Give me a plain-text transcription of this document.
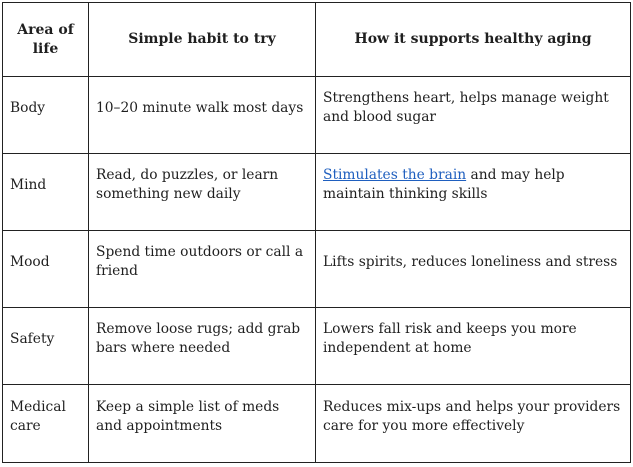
Area of life	Simple habit to try	How it supports healthy aging

Body	10–20 minute walk most days	Strengthens heart, helps manage weight and blood sugar

Mind	Read, do puzzles, or learn something new daily	Stimulates the brain and may help maintain thinking skills

Mood	Spend time outdoors or call a friend	Lifts spirits, reduces loneliness and stress

Safety	Remove loose rugs; add grab bars where needed	Lowers fall risk and keeps you more independent at home

Medical care	Keep a simple list of meds and appointments	Reduces mix-ups and helps your providers care for you more effectively
